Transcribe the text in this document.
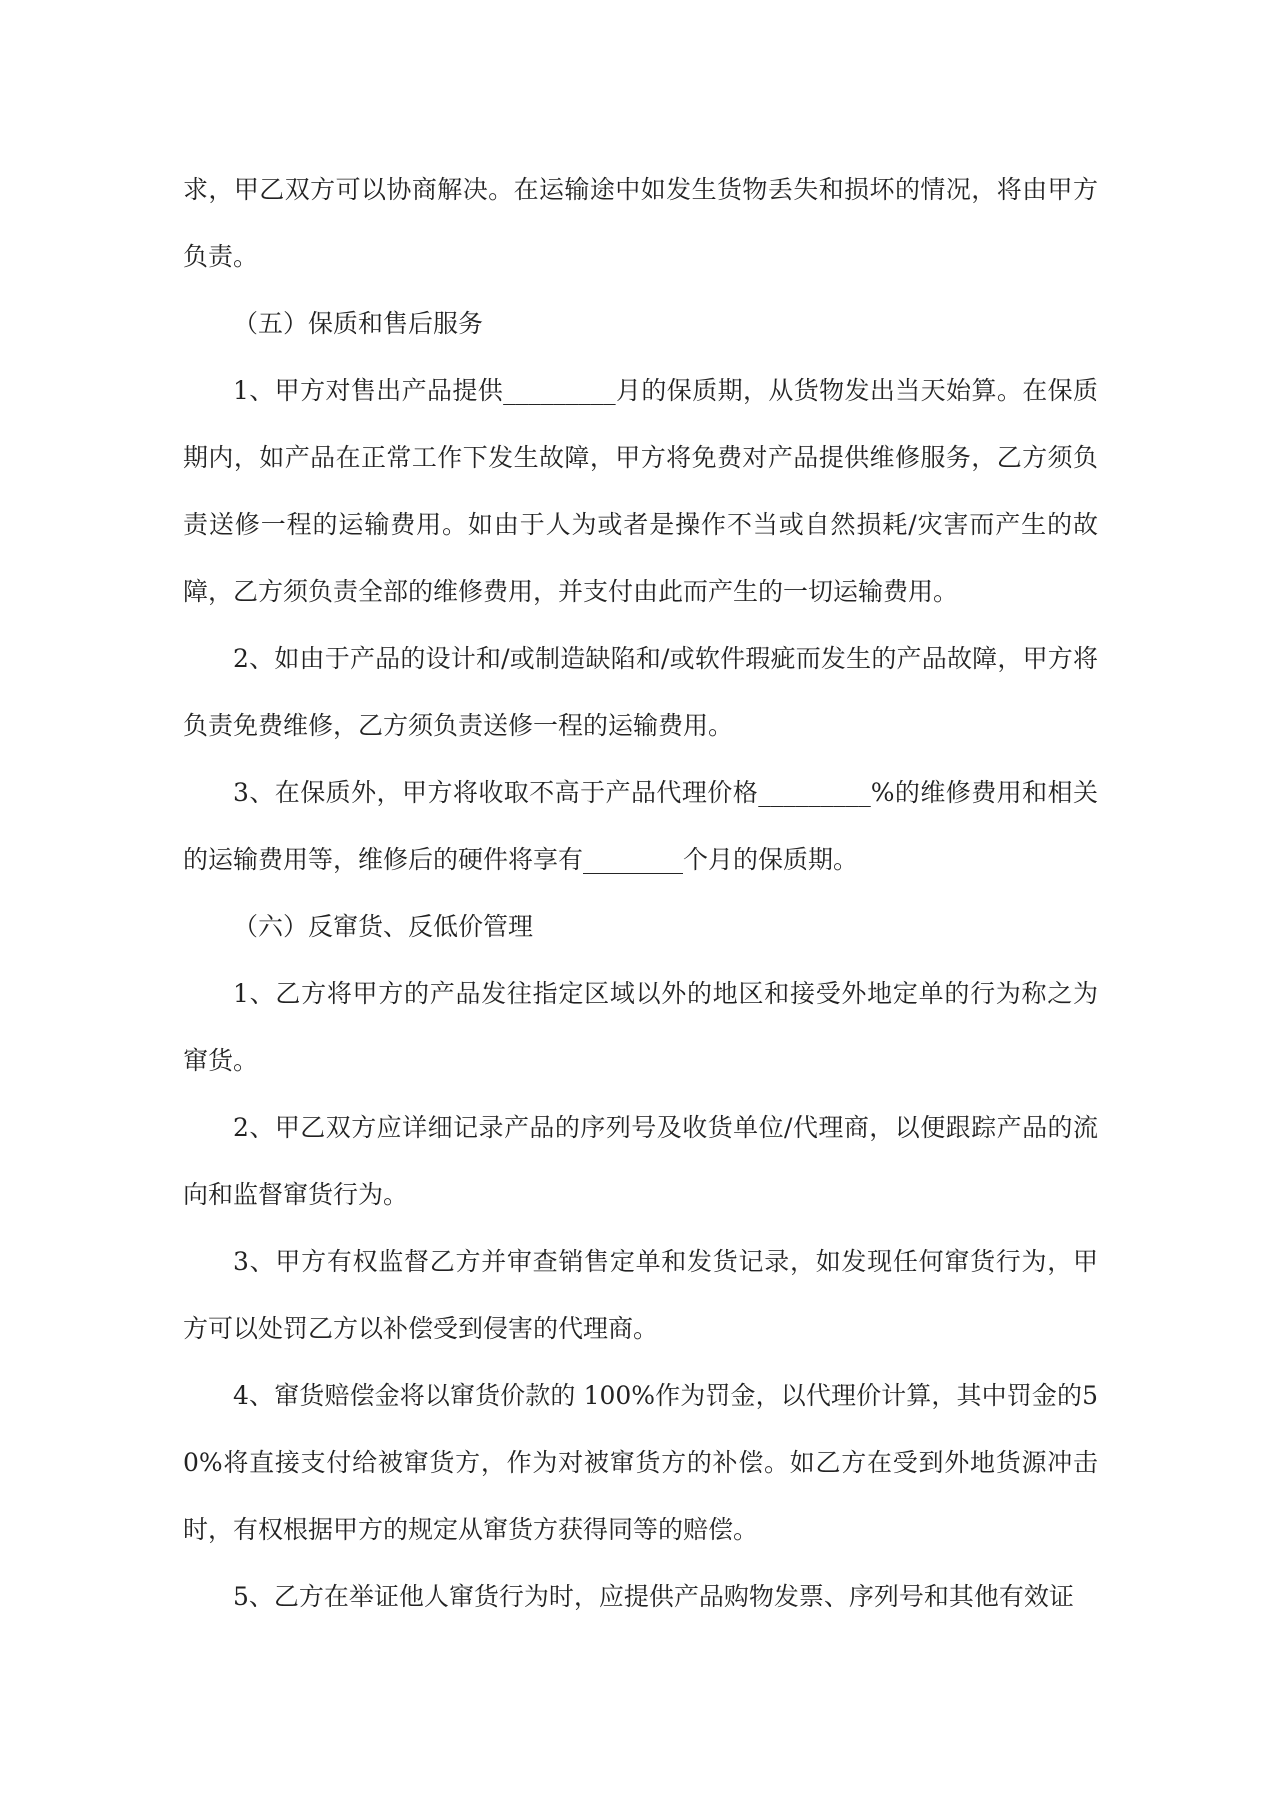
求，甲乙双方可以协商解决。在运输途中如发生货物丢失和损坏的情况，将由甲方负责。

（五）保质和售后服务

1、甲方对售出产品提供_________月的保质期，从货物发出当天始算。在保质期内，如产品在正常工作下发生故障，甲方将免费对产品提供维修服务，乙方须负责送修一程的运输费用。如由于人为或者是操作不当或自然损耗/灾害而产生的故障，乙方须负责全部的维修费用，并支付由此而产生的一切运输费用。

2、如由于产品的设计和/或制造缺陷和/或软件瑕疵而发生的产品故障，甲方将负责免费维修，乙方须负责送修一程的运输费用。

3、在保质外，甲方将收取不高于产品代理价格_________%的维修费用和相关的运输费用等，维修后的硬件将享有________个月的保质期。

（六）反窜货、反低价管理

1、乙方将甲方的产品发往指定区域以外的地区和接受外地定单的行为称之为窜货。

2、甲乙双方应详细记录产品的序列号及收货单位/代理商，以便跟踪产品的流向和监督窜货行为。

3、甲方有权监督乙方并审查销售定单和发货记录，如发现任何窜货行为，甲方可以处罚乙方以补偿受到侵害的代理商。

4、窜货赔偿金将以窜货价款的 100%作为罚金，以代理价计算，其中罚金的50%将直接支付给被窜货方，作为对被窜货方的补偿。如乙方在受到外地货源冲击时，有权根据甲方的规定从窜货方获得同等的赔偿。

5、乙方在举证他人窜货行为时，应提供产品购物发票、序列号和其他有效证
